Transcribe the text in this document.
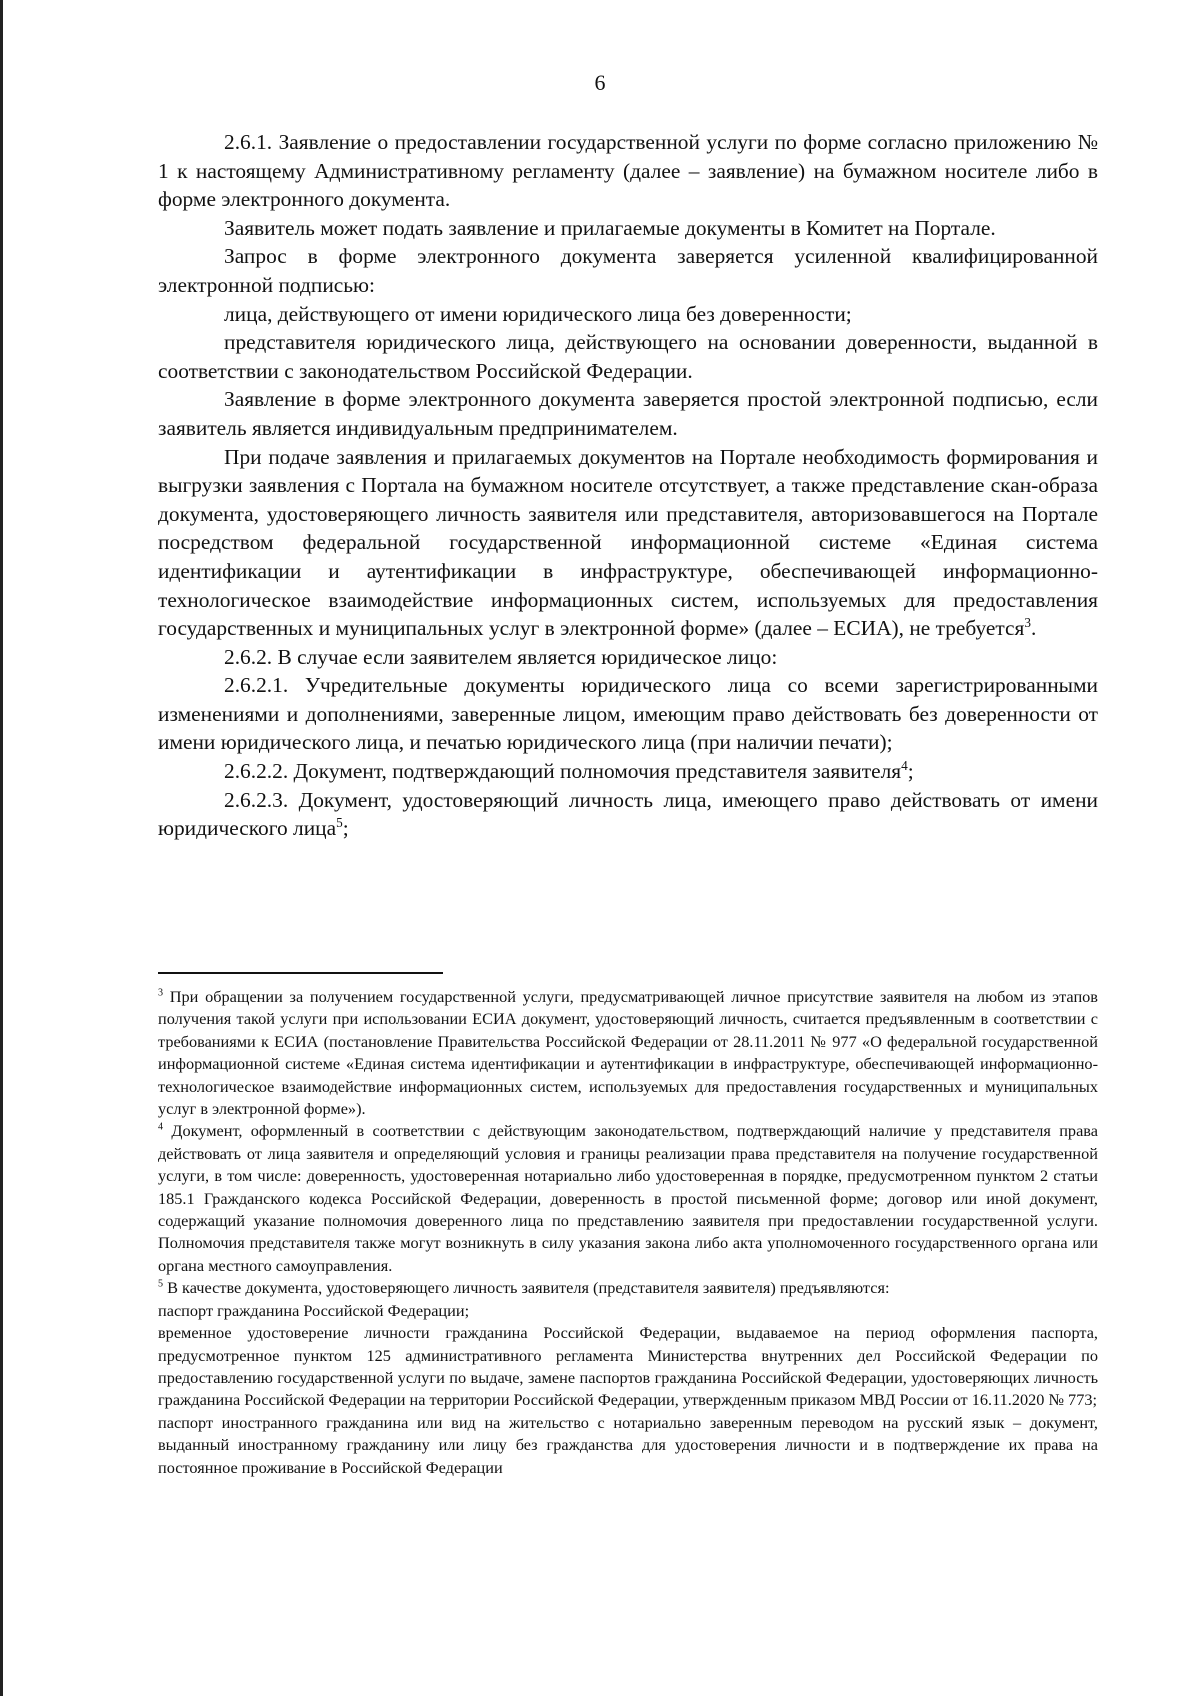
6

2.6.1. Заявление о предоставлении государственной услуги по форме согласно приложению № 1 к настоящему Административному регламенту (далее – заявление) на бумажном носителе либо в форме электронного документа.

Заявитель может подать заявление и прилагаемые документы в Комитет на Портале.

Запрос в форме электронного документа заверяется усиленной квалифицированной электронной подписью:

лица, действующего от имени юридического лица без доверенности;

представителя юридического лица, действующего на основании доверенности, выданной в соответствии с законодательством Российской Федерации.

Заявление в форме электронного документа заверяется простой электронной подписью, если заявитель является индивидуальным предпринимателем.

При подаче заявления и прилагаемых документов на Портале необходимость формирования и выгрузки заявления с Портала на бумажном носителе отсутствует, а также представление скан-образа документа, удостоверяющего личность заявителя или представителя, авторизовавшегося на Портале посредством федеральной государственной информационной системе «Единая система идентификации и аутентификации в инфраструктуре, обеспечивающей информационно-технологическое взаимодействие информационных систем, используемых для предоставления государственных и муниципальных услуг в электронной форме» (далее – ЕСИА), не требуется$^3$.

2.6.2. В случае если заявителем является юридическое лицо:

2.6.2.1. Учредительные документы юридического лица со всеми зарегистрированными изменениями и дополнениями, заверенные лицом, имеющим право действовать без доверенности от имени юридического лица, и печатью юридического лица (при наличии печати);

2.6.2.2. Документ, подтверждающий полномочия представителя заявителя$^4$;

2.6.2.3. Документ, удостоверяющий личность лица, имеющего право действовать от имени юридического лица$^5$;

$^3$ При обращении за получением государственной услуги, предусматривающей личное присутствие заявителя на любом из этапов получения такой услуги при использовании ЕСИА документ, удостоверяющий личность, считается предъявленным в соответствии с требованиями к ЕСИА (постановление Правительства Российской Федерации от 28.11.2011 № 977 «О федеральной государственной информационной системе «Единая система идентификации и аутентификации в инфраструктуре, обеспечивающей информационно-технологическое взаимодействие информационных систем, используемых для предоставления государственных и муниципальных услуг в электронной форме»).

$^4$ Документ, оформленный в соответствии с действующим законодательством, подтверждающий наличие у представителя права действовать от лица заявителя и определяющий условия и границы реализации права представителя на получение государственной услуги, в том числе: доверенность, удостоверенная нотариально либо удостоверенная в порядке, предусмотренном пунктом 2 статьи 185.1 Гражданского кодекса Российской Федерации, доверенность в простой письменной форме; договор или иной документ, содержащий указание полномочия доверенного лица по представлению заявителя при предоставлении государственной услуги. Полномочия представителя также могут возникнуть в силу указания закона либо акта уполномоченного государственного органа или органа местного самоуправления.

$^5$ В качестве документа, удостоверяющего личность заявителя (представителя заявителя) предъявляются:

паспорт гражданина Российской Федерации;

временное удостоверение личности гражданина Российской Федерации, выдаваемое на период оформления паспорта, предусмотренное пунктом 125 административного регламента Министерства внутренних дел Российской Федерации по предоставлению государственной услуги по выдаче, замене паспортов гражданина Российской Федерации, удостоверяющих личность гражданина Российской Федерации на территории Российской Федерации, утвержденным приказом МВД России от 16.11.2020 № 773;

паспорт иностранного гражданина или вид на жительство с нотариально заверенным переводом на русский язык – документ, выданный иностранному гражданину или лицу без гражданства для удостоверения личности и в подтверждение их права на постоянное проживание в Российской Федерации
